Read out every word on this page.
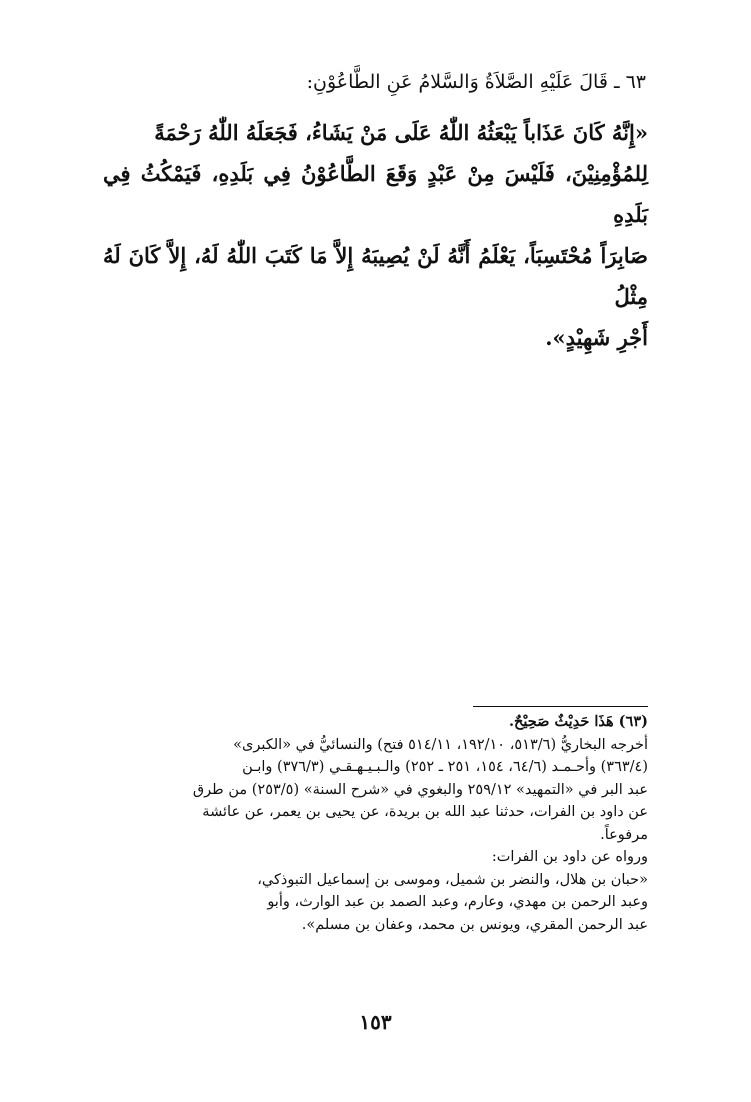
٦٣ ـ قَالَ عَلَيْهِ الصَّلاَةُ وَالسَّلامُ عَنِ الطَّاعُوْنِ:
«إِنَّهُ كَانَ عَذَاباً يَبْعَثُهُ اللّٰهُ عَلَى مَنْ يَشَاءُ، فَجَعَلَهُ اللّٰهُ رَحْمَةً
لِلمُؤْمِنِيْنَ، فَلَيْسَ مِنْ عَبْدٍ وَقَعَ الطَّاعُوْنُ فِي بَلَدِهِ، فَيَمْكُثُ فِي بَلَدِهِ
صَابِرَاً مُحْتَسِبَاً، يَعْلَمُ أَنَّهُ لَنْ يُصِيبَهُ إِلاَّ مَا كَتَبَ اللّٰهُ لَهُ، إِلاَّ كَانَ لَهُ مِثْلُ
أَجْرِ شَهِيْدٍ».
(٦٣) هَذَا حَدِيْثٌ صَحِيْحٌ.
أخرجه البخاريُّ (٥١٣/٦، ١٩٢/١٠، ٥١٤/١١ فتح) والنسائيُّ في «الكبرى»
(٣٦٣/٤) وأحـمـد (٦٤/٦، ١٥٤، ٢٥١ ـ ٢٥٢) والـبـيـهـقـي (٣٧٦/٣) وابـن
عبد البر في «التمهيد» ٢٥٩/١٢ والبغوي في «شرح السنة» (٢٥٣/٥) من طرق
عن داود بن الفرات، حدثنا عبد الله بن بريدة، عن يحيى بن يعمر، عن عائشة
مرفوعاً.
ورواه عن داود بن الفرات:
«حبان بن هلال، والنضر بن شميل، وموسى بن إسماعيل التبوذكي،
وعبد الرحمن بن مهدي، وعارم، وعبد الصمد بن عبد الوارث، وأبو
عبد الرحمن المقري، ويونس بن محمد، وعفان بن مسلم».
١٥٣
